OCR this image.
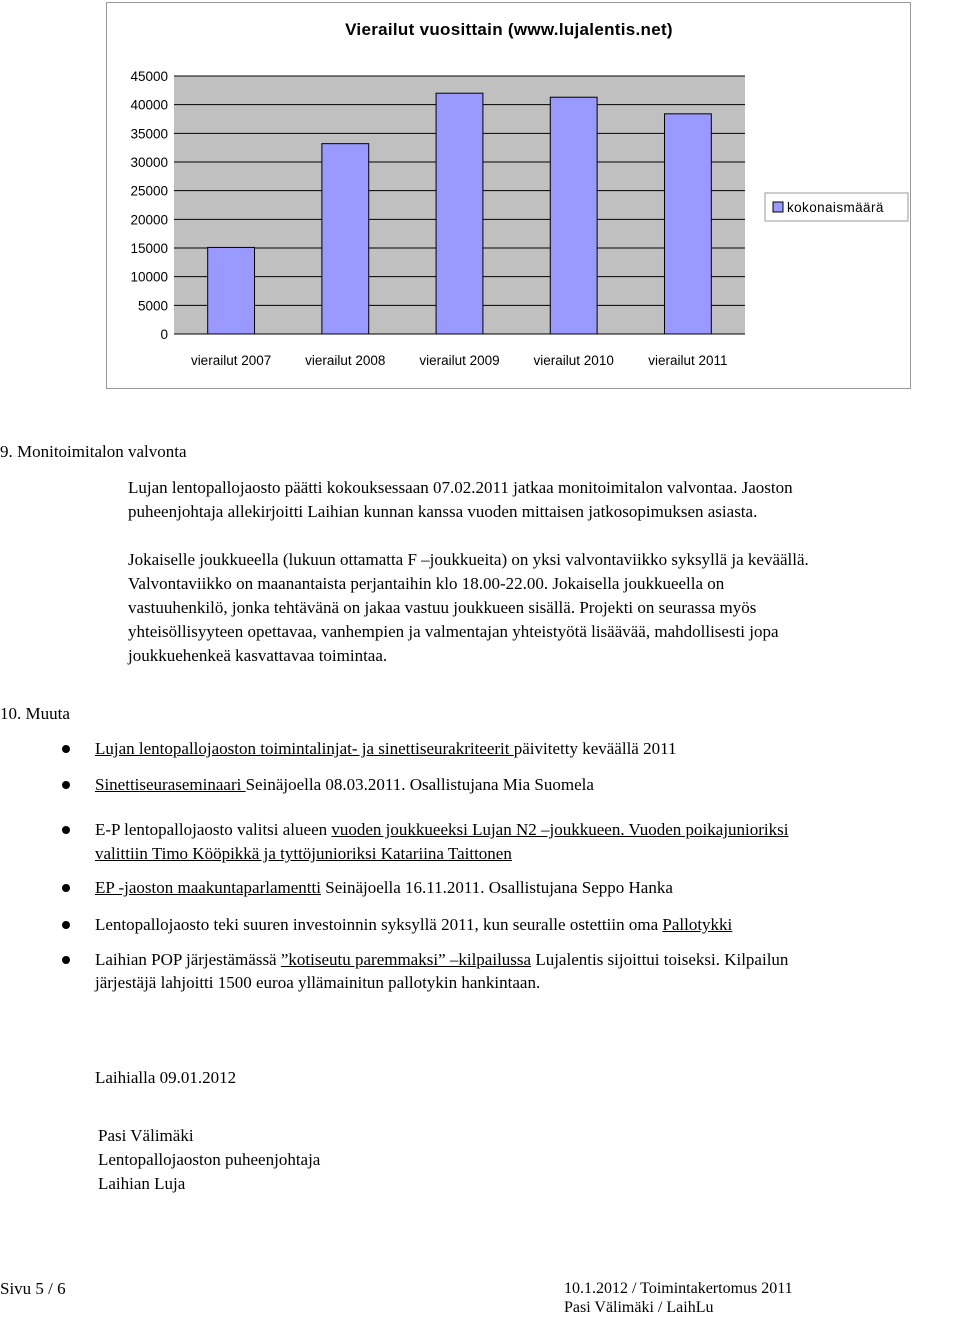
Vierailut vuosittain (www.lujalentis.net)
0
5000
10000
15000
20000
25000
30000
35000
40000
45000
vierailut 2007	vierailut 2008	vierailut 2009	vierailut 2010	vierailut 2011
kokonaismäärä
9. Monitoimitalon valvonta
Lujan lentopallojaosto päätti kokouksessaan 07.02.2011 jatkaa monitoimitalon valvontaa. Jaoston
puheenjohtaja allekirjoitti Laihian kunnan kanssa vuoden mittaisen jatkosopimuksen asiasta.
Jokaiselle joukkueella (lukuun ottamatta F –joukkueita) on yksi valvontaviikko syksyllä ja keväällä.
Valvontaviikko on maanantaista perjantaihin klo 18.00-22.00. Jokaisella joukkueella on
vastuuhenkilö, jonka tehtävänä on jakaa vastuu joukkueen sisällä. Projekti on seurassa myös
yhteisöllisyyteen opettavaa, vanhempien ja valmentajan yhteistyötä lisäävää, mahdollisesti jopa
joukkuehenkeä kasvattavaa toimintaa.
10. Muuta
Lujan lentopallojaoston toimintalinjat- ja sinettiseurakriteerit päivitetty keväällä 2011
Sinettiseuraseminaari Seinäjoella 08.03.2011. Osallistujana Mia Suomela
E-P lentopallojaosto valitsi alueen vuoden joukkueeksi Lujan N2 –joukkueen. Vuoden poikajunioriksi
valittiin Timo Kööpikkä ja tyttöjunioriksi Katariina Taittonen
EP -jaoston maakuntaparlamentti Seinäjoella 16.11.2011. Osallistujana Seppo Hanka
Lentopallojaosto teki suuren investoinnin syksyllä 2011, kun seuralle ostettiin oma Pallotykki
Laihian POP järjestämässä ”kotiseutu paremmaksi” –kilpailussa Lujalentis sijoittui toiseksi. Kilpailun
järjestäjä lahjoitti 1500 euroa yllämainitun pallotykin hankintaan.
Laihialla 09.01.2012
Pasi Välimäki
Lentopallojaoston puheenjohtaja
Laihian Luja
Sivu 5 / 6	10.1.2012 / Toimintakertomus 2011
Pasi Välimäki / LaihLu
